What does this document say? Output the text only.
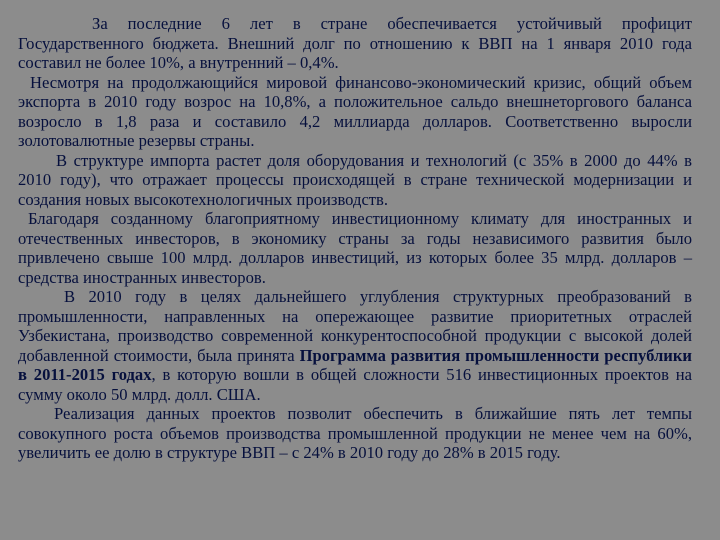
За последние 6 лет в стране обеспечивается устойчивый профицит Государственного бюджета. Внешний долг по отношению к ВВП на 1 января 2010 года составил не более 10%, а внутренний – 0,4%.

Несмотря на продолжающийся мировой финансово-экономический кризис, общий объем экспорта в 2010 году возрос на 10,8%, а положительное сальдо внешнеторгового баланса возросло в 1,8 раза и составило 4,2 миллиарда долларов. Соответственно выросли золотовалютные резервы страны.

В структуре импорта растет доля оборудования и технологий (с 35% в 2000 до 44% в 2010 году), что отражает процессы происходящей в стране технической модернизации и создания новых высокотехнологичных производств.

Благодаря созданному благоприятному инвестиционному климату для иностранных и отечественных инвесторов, в экономику страны за годы независимого развития было привлечено свыше 100 млрд. долларов инвестиций, из которых более 35 млрд. долларов – средства иностранных инвесторов.

В 2010 году в целях дальнейшего углубления структурных преобразований в промышленности, направленных на опережающее развитие приоритетных отраслей Узбекистана, производство современной конкурентоспособной продукции с высокой долей добавленной стоимости, была принята Программа развития промышленности республики в 2011-2015 годах, в которую вошли в общей сложности 516 инвестиционных проектов на сумму около 50 млрд. долл. США.

Реализация данных проектов позволит обеспечить в ближайшие пять лет темпы совокупного роста объемов производства промышленной продукции не менее чем на 60%, увеличить ее долю в структуре ВВП – с 24% в 2010 году до 28% в 2015 году.
